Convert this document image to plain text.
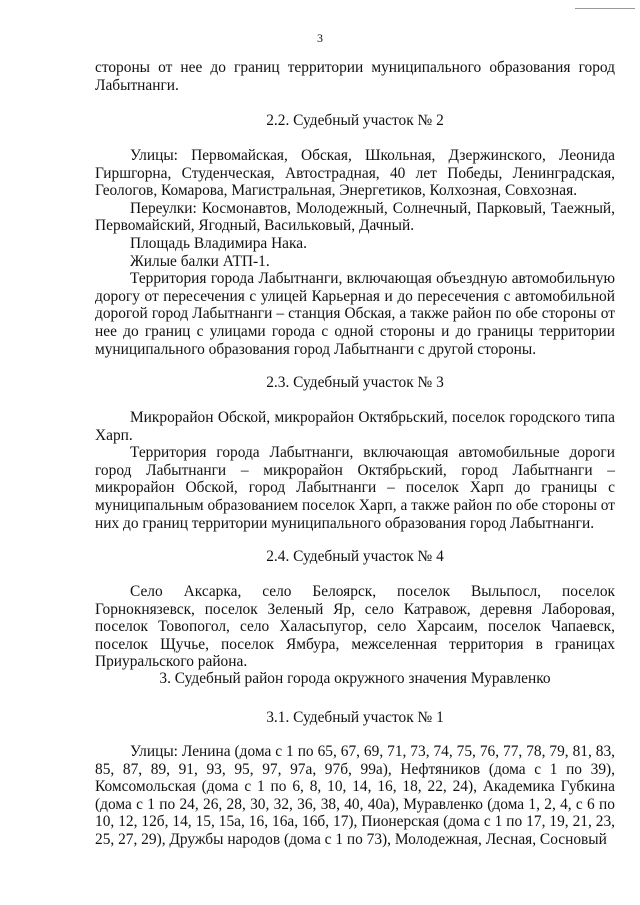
3

стороны от нее до границ территории муниципального образования город Лабытнанги.

2.2. Судебный участок № 2

Улицы: Первомайская, Обская, Школьная, Дзержинского, Леонида Гиршгорна, Студенческая, Автострадная, 40 лет Победы, Ленинградская, Геологов, Комарова, Магистральная, Энергетиков, Колхозная, Совхозная.

Переулки: Космонавтов, Молодежный, Солнечный, Парковый, Таежный, Первомайский, Ягодный, Васильковый, Дачный.

Площадь Владимира Нака.

Жилые балки АТП-1.

Территория города Лабытнанги, включающая объездную автомобильную дорогу от пересечения с улицей Карьерная и до пересечения с автомобильной дорогой город Лабытнанги – станция Обская, а также район по обе стороны от нее до границ с улицами города с одной стороны и до границы территории муниципального образования город Лабытнанги с другой стороны.

2.3. Судебный участок № 3

Микрорайон Обской, микрорайон Октябрьский, поселок городского типа Харп.

Территория города Лабытнанги, включающая автомобильные дороги город Лабытнанги – микрорайон Октябрьский, город Лабытнанги – микрорайон Обской, город Лабытнанги – поселок Харп до границы с муниципальным образованием поселок Харп, а также район по обе стороны от них до границ территории муниципального образования город Лабытнанги.

2.4. Судебный участок № 4

Село Аксарка, село Белоярск, поселок Выльпосл, поселок Горнокнязевск, поселок Зеленый Яр, село Катравож, деревня Лаборовая, поселок Товопогол, село Халасьпугор, село Харсаим, поселок Чапаевск, поселок Щучье, поселок Ямбура, межселенная территория в границах Приуральского района.

3. Судебный район города окружного значения Муравленко
3.1. Судебный участок № 1

Улицы: Ленина (дома с 1 по 65, 67, 69, 71, 73, 74, 75, 76, 77, 78, 79, 81, 83, 85, 87, 89, 91, 93, 95, 97, 97а, 97б, 99а), Нефтяников (дома с 1 по 39), Комсомольская (дома с 1 по 6, 8, 10, 14, 16, 18, 22, 24), Академика Губкина (дома с 1 по 24, 26, 28, 30, 32, 36, 38, 40, 40а), Муравленко (дома 1, 2, 4, с 6 по 10, 12, 12б, 14, 15, 15а, 16, 16а, 16б, 17), Пионерская (дома с 1 по 17, 19, 21, 23, 25, 27, 29), Дружбы народов (дома с 1 по 73), Молодежная, Лесная, Сосновый
